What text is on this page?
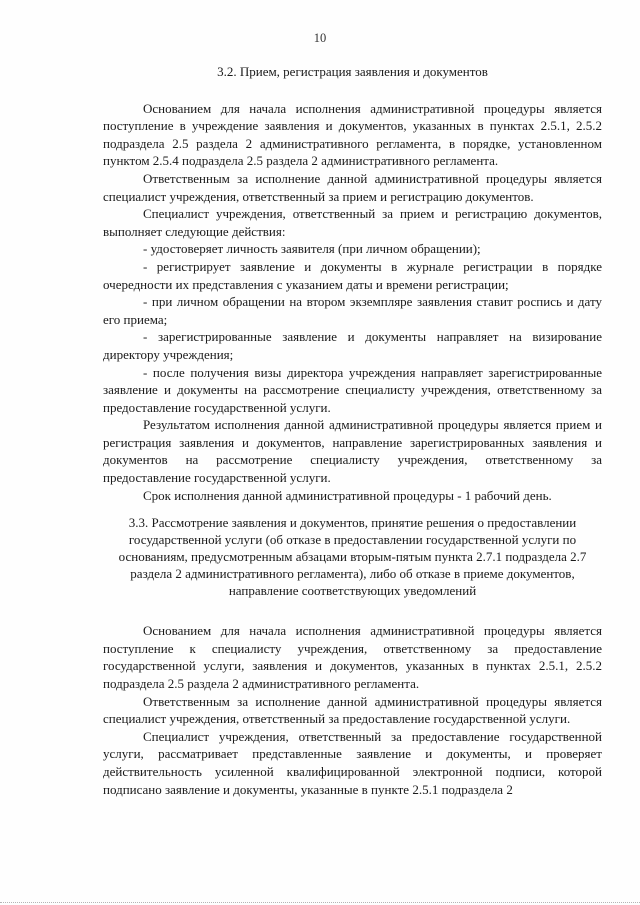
10

3.2. Прием, регистрация заявления и документов

Основанием для начала исполнения административной процедуры является поступление в учреждение заявления и документов, указанных в пунктах 2.5.1, 2.5.2 подраздела 2.5 раздела 2 административного регламента, в порядке, установленном пунктом 2.5.4 подраздела 2.5 раздела 2 административного регламента.

Ответственным за исполнение данной административной процедуры является специалист учреждения, ответственный за прием и регистрацию документов.

Специалист учреждения, ответственный за прием и регистрацию документов, выполняет следующие действия:

- удостоверяет личность заявителя (при личном обращении);

- регистрирует заявление и документы в журнале регистрации в порядке очередности их представления с указанием даты и времени регистрации;

- при личном обращении на втором экземпляре заявления ставит роспись и дату его приема;

- зарегистрированные заявление и документы направляет на визирование директору учреждения;

- после получения визы директора учреждения направляет зарегистрированные заявление и документы на рассмотрение специалисту учреждения, ответственному за предоставление государственной услуги.

Результатом исполнения данной административной процедуры является прием и регистрация заявления и документов, направление зарегистрированных заявления и документов на рассмотрение специалисту учреждения, ответственному за предоставление государственной услуги.

Срок исполнения данной административной процедуры - 1 рабочий день.

3.3. Рассмотрение заявления и документов, принятие решения о предоставлении государственной услуги (об отказе в предоставлении государственной услуги по основаниям, предусмотренным абзацами вторым-пятым пункта 2.7.1 подраздела 2.7 раздела 2 административного регламента), либо об отказе в приеме документов, направление соответствующих уведомлений

Основанием для начала исполнения административной процедуры является поступление к специалисту учреждения, ответственному за предоставление государственной услуги, заявления и документов, указанных в пунктах 2.5.1, 2.5.2 подраздела 2.5 раздела 2 административного регламента.

Ответственным за исполнение данной административной процедуры является специалист учреждения, ответственный за предоставление государственной услуги.

Специалист учреждения, ответственный за предоставление государственной услуги, рассматривает представленные заявление и документы, и проверяет действительность усиленной квалифицированной электронной подписи, которой подписано заявление и документы, указанные в пункте 2.5.1 подраздела 2
